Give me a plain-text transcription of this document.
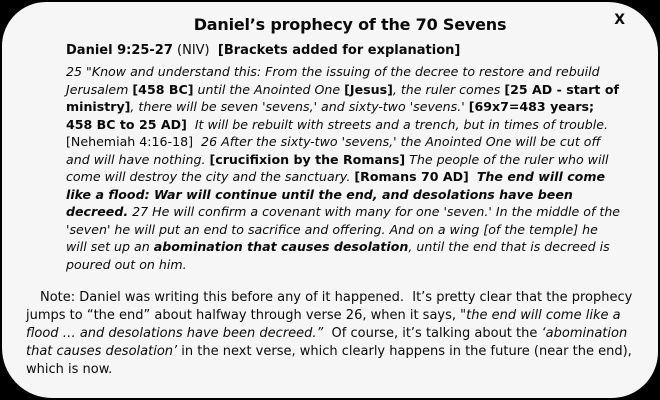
X
Daniel’s prophecy of the 70 Sevens
Daniel 9:25-27 (NIV)  [Brackets added for explanation]
25 "Know and understand this: From the issuing of the decree to restore and rebuild Jerusalem [458 BC] until the Anointed One [Jesus], the ruler comes [25 AD - start of ministry], there will be seven 'sevens,' and sixty-two 'sevens.' [69x7=483 years; 458 BC to 25 AD]  It will be rebuilt with streets and a trench, but in times of trouble. [Nehemiah 4:16-18]  26 After the sixty-two 'sevens,' the Anointed One will be cut off and will have nothing. [crucifixion by the Romans] The people of the ruler who will come will destroy the city and the sanctuary. [Romans 70 AD] The end will come like a flood: War will continue until the end, and desolations have been decreed. 27 He will confirm a covenant with many for one 'seven.' In the middle of the 'seven' he will put an end to sacrifice and offering. And on a wing [of the temple] he will set up an abomination that causes desolation, until the end that is decreed is poured out on him.
Note: Daniel was writing this before any of it happened.  It’s pretty clear that the prophecy jumps to “the end” about halfway through verse 26, when it says, "the end will come like a flood … and desolations have been decreed.”  Of course, it’s talking about the ‘abomination that causes desolation’ in the next verse, which clearly happens in the future (near the end), which is now.
